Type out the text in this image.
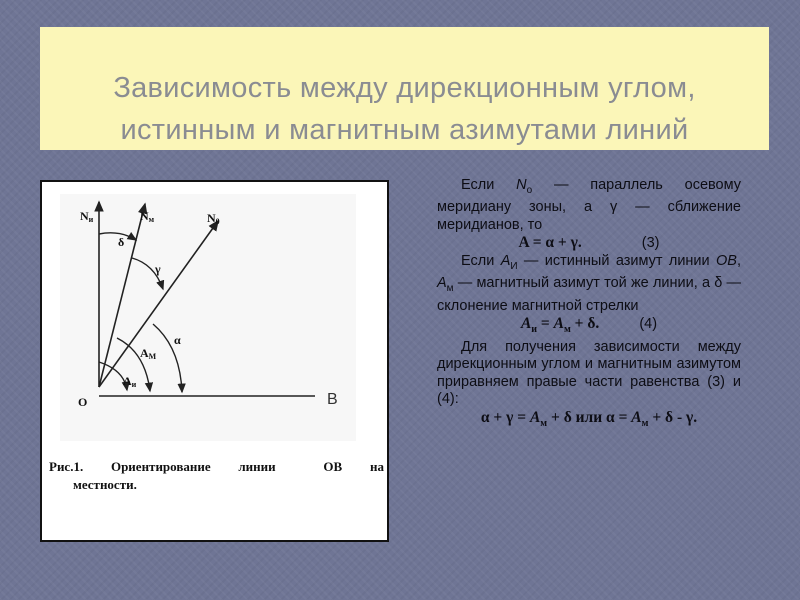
Зависимость между дирекционным углом,
истинным и магнитным азимутами линий
Nи	Nм	N0
δ
γ
α
AM
Aи
O	B
Рис.1. Ориентирование линии	ОВ на
местности.

Если $N_о$ — параллель осевому меридиану зоны, а γ — сближение меридианов, то

A = α + γ.	(3)

Если $A_И$ — истинный азимут линии OB, $A_м$ — магнитный азимут той же линии, а δ — склонение магнитной стрелки

$A_и = A_м + \delta$.	(4)

Для получения зависимости между дирекционным углом и магнитным азимутом приравняем правые части равенства (3) и (4):

$\alpha + \gamma = A_м + \delta$ или $\alpha = A_м + \delta - \gamma$.
